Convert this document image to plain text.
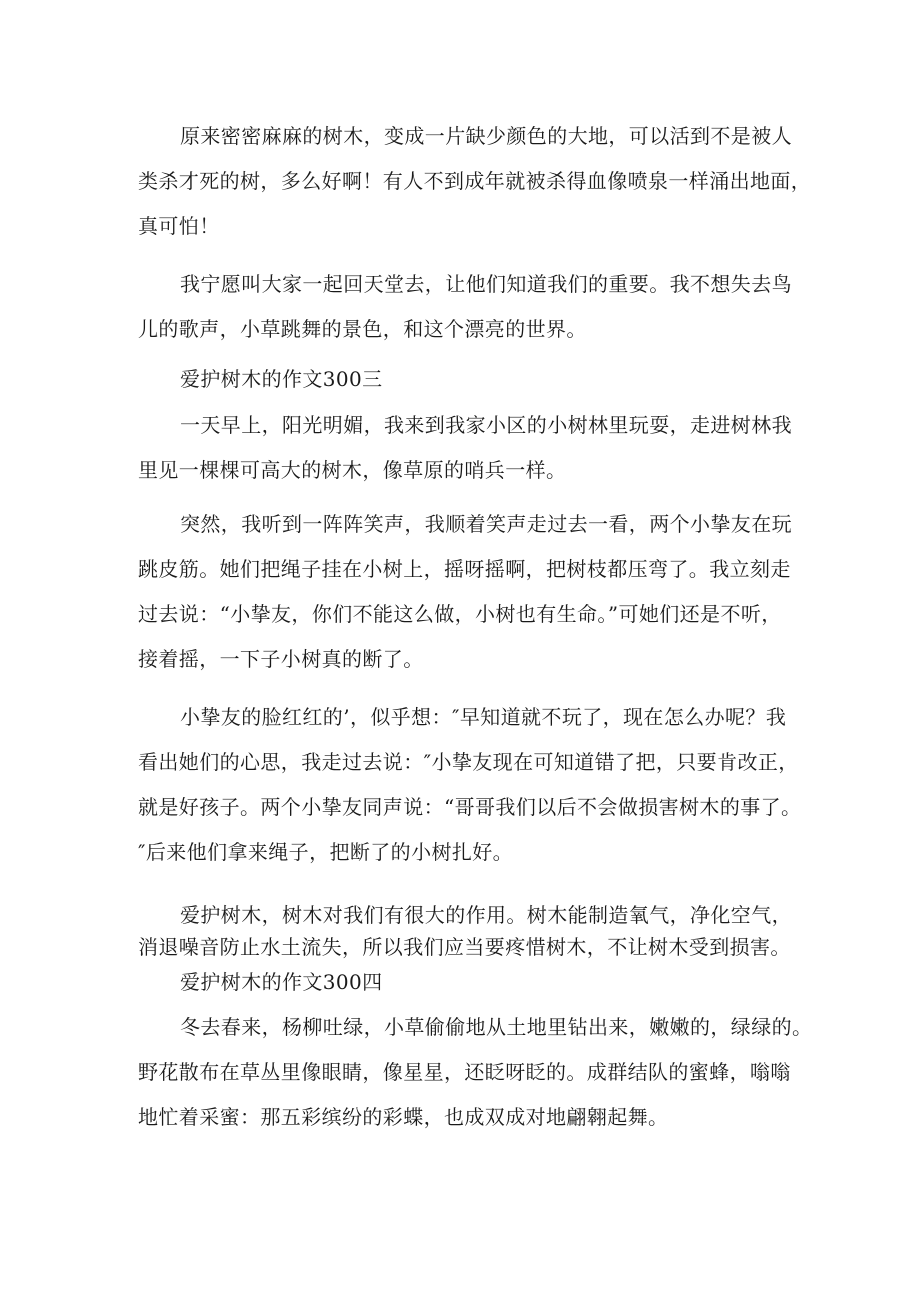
原来密密麻麻的树木，变成一片缺少颜色的大地，可以活到不是被人
类杀才死的树，多么好啊！有人不到成年就被杀得血像喷泉一样涌出地面，
真可怕！
我宁愿叫大家一起回天堂去，让他们知道我们的重要。我不想失去鸟
儿的歌声，小草跳舞的景色，和这个漂亮的世界。
爱护树木的作文300三
一天早上，阳光明媚，我来到我家小区的小树林里玩耍，走进树林我
里见一棵棵可高大的树木，像草原的哨兵一样。
突然，我听到一阵阵笑声，我顺着笑声走过去一看，两个小挚友在玩
跳皮筋。她们把绳子挂在小树上，摇呀摇啊，把树枝都压弯了。我立刻走
过去说：“小挚友，你们不能这么做，小树也有生命。”可她们还是不听，
接着摇，一下子小树真的断了。
小挚友的脸红红的’，似乎想：″早知道就不玩了，现在怎么办呢？我
看出她们的心思，我走过去说：″小挚友现在可知道错了把，只要肯改正，
就是好孩子。两个小挚友同声说：“哥哥我们以后不会做损害树木的事了。
″后来他们拿来绳子，把断了的小树扎好。
爱护树木，树木对我们有很大的作用。树木能制造氧气，净化空气，
消退噪音防止水土流失，所以我们应当要疼惜树木，不让树木受到损害。
爱护树木的作文300四
冬去春来，杨柳吐绿，小草偷偷地从土地里钻出来，嫩嫩的，绿绿的。
野花散布在草丛里像眼睛，像星星，还眨呀眨的。成群结队的蜜蜂，嗡嗡
地忙着采蜜：那五彩缤纷的彩蝶，也成双成对地翩翱起舞。
